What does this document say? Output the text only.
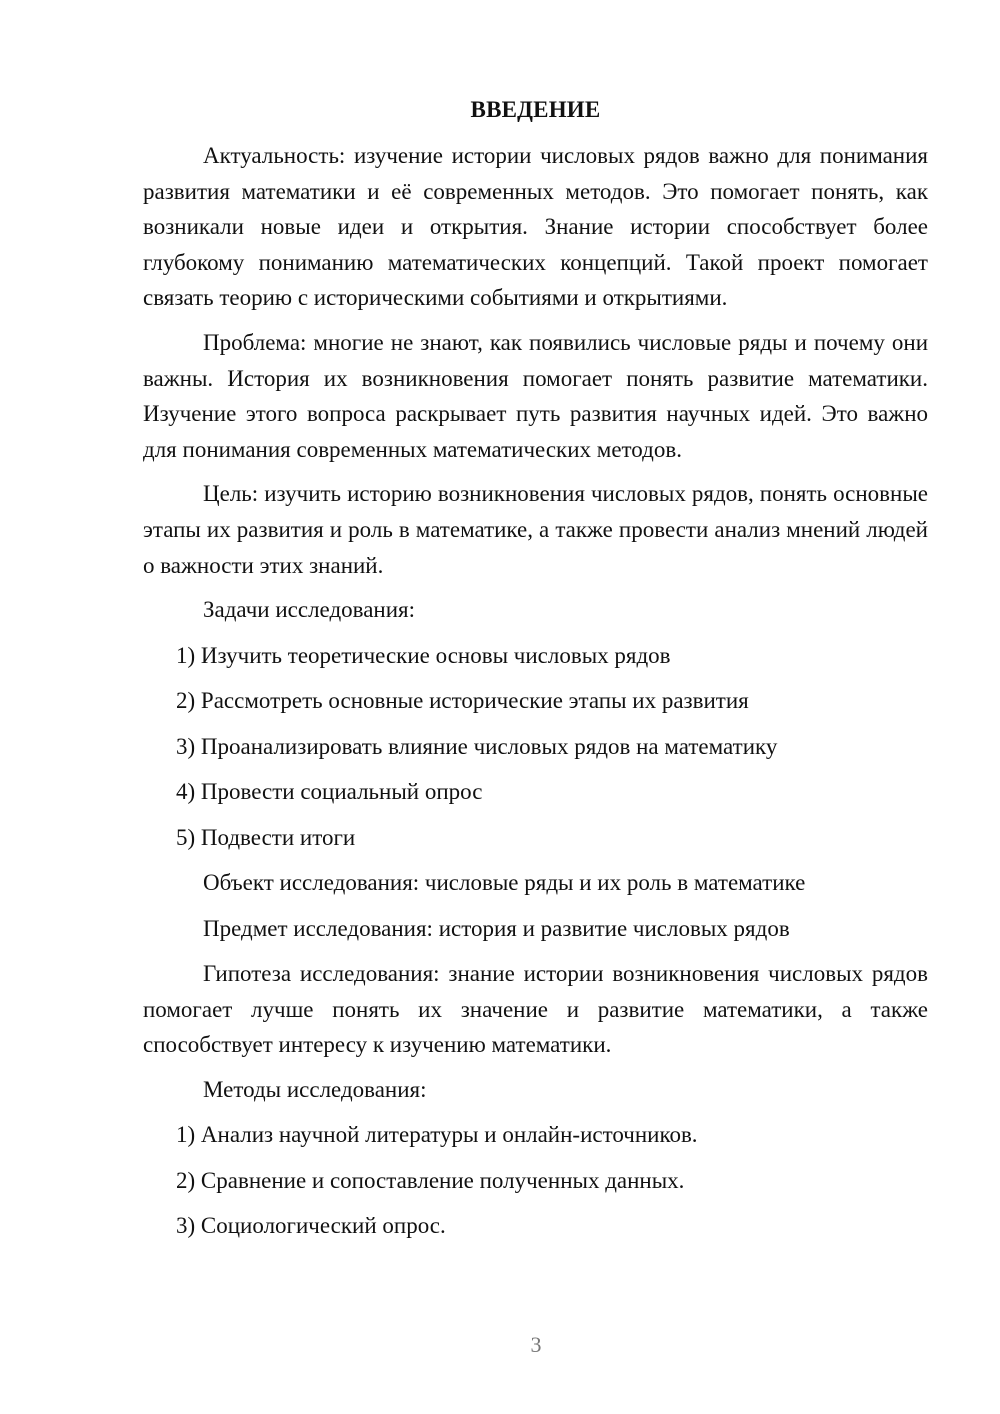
ВВЕДЕНИЕ

Актуальность: изучение истории числовых рядов важно для понимания развития математики и её современных методов. Это помогает понять, как возникали новые идеи и открытия. Знание истории способствует более глубокому пониманию математических концепций. Такой проект помогает связать теорию с историческими событиями и открытиями.

Проблема: многие не знают, как появились числовые ряды и почему они важны. История их возникновения помогает понять развитие математики. Изучение этого вопроса раскрывает путь развития научных идей. Это важно для понимания современных математических методов.

Цель: изучить историю возникновения числовых рядов, понять основные этапы их развития и роль в математике, а также провести анализ мнений людей о важности этих знаний.

Задачи исследования:
1) Изучить теоретические основы числовых рядов
2) Рассмотреть основные исторические этапы их развития
3) Проанализировать влияние числовых рядов на математику
4) Провести социальный опрос
5) Подвести итоги
Объект исследования: числовые ряды и их роль в математике
Предмет исследования: история и развитие числовых рядов

Гипотеза исследования: знание истории возникновения числовых рядов помогает лучше понять их значение и развитие математики, а также способствует интересу к изучению математики.

Методы исследования:
1) Анализ научной литературы и онлайн-источников.
2) Сравнение и сопоставление полученных данных.
3) Социологический опрос.
3
